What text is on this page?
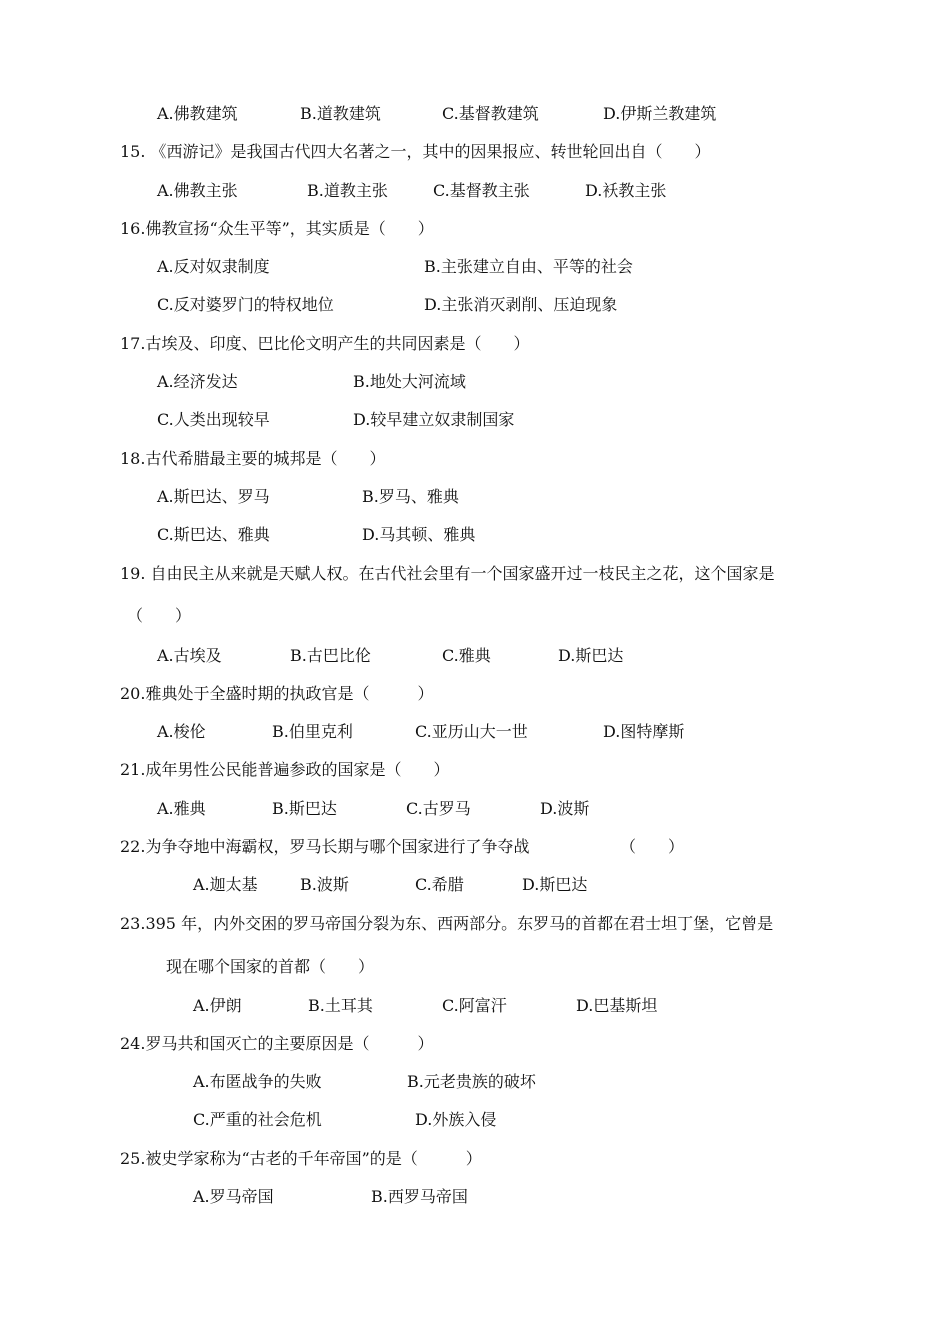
A.佛教建筑	B.道教建筑	C.基督教建筑	D.伊斯兰教建筑
15. 《西游记》是我国古代四大名著之一，其中的因果报应、转世轮回出自（　　）
A.佛教主张	B.道教主张	C.基督教主张	D.袄教主张
16.佛教宣扬“众生平等”，其实质是（　　）
A.反对奴隶制度	B.主张建立自由、平等的社会
C.反对婆罗门的特权地位	D.主张消灭剥削、压迫现象
17.古埃及、印度、巴比伦文明产生的共同因素是（　　）
A.经济发达	B.地处大河流域
C.人类出现较早	D.较早建立奴隶制国家
18.古代希腊最主要的城邦是（　　）
A.斯巴达、罗马	B.罗马、雅典
C.斯巴达、雅典	D.马其顿、雅典
19. 自由民主从来就是天赋人权。在古代社会里有一个国家盛开过一枝民主之花，这个国家是
（　　）
A.古埃及	B.古巴比伦	C.雅典	D.斯巴达
20.雅典处于全盛时期的执政官是（　　　）
A.梭伦	B.伯里克利	C.亚历山大一世	D.图特摩斯
21.成年男性公民能普遍参政的国家是（　　）
A.雅典	B.斯巴达	C.古罗马	D.波斯
22.为争夺地中海霸权，罗马长期与哪个国家进行了争夺战	（　　）
A.迦太基	B.波斯	C.希腊	D.斯巴达
23.395 年，内外交困的罗马帝国分裂为东、西两部分。东罗马的首都在君士坦丁堡，它曾是
现在哪个国家的首都（　　）
A.伊朗	B.土耳其	C.阿富汗	D.巴基斯坦
24.罗马共和国灭亡的主要原因是（　　　）
A.布匿战争的失败	B.元老贵族的破坏
C.严重的社会危机	D.外族入侵
25.被史学家称为“古老的千年帝国”的是（　　　）
A.罗马帝国	B.西罗马帝国
